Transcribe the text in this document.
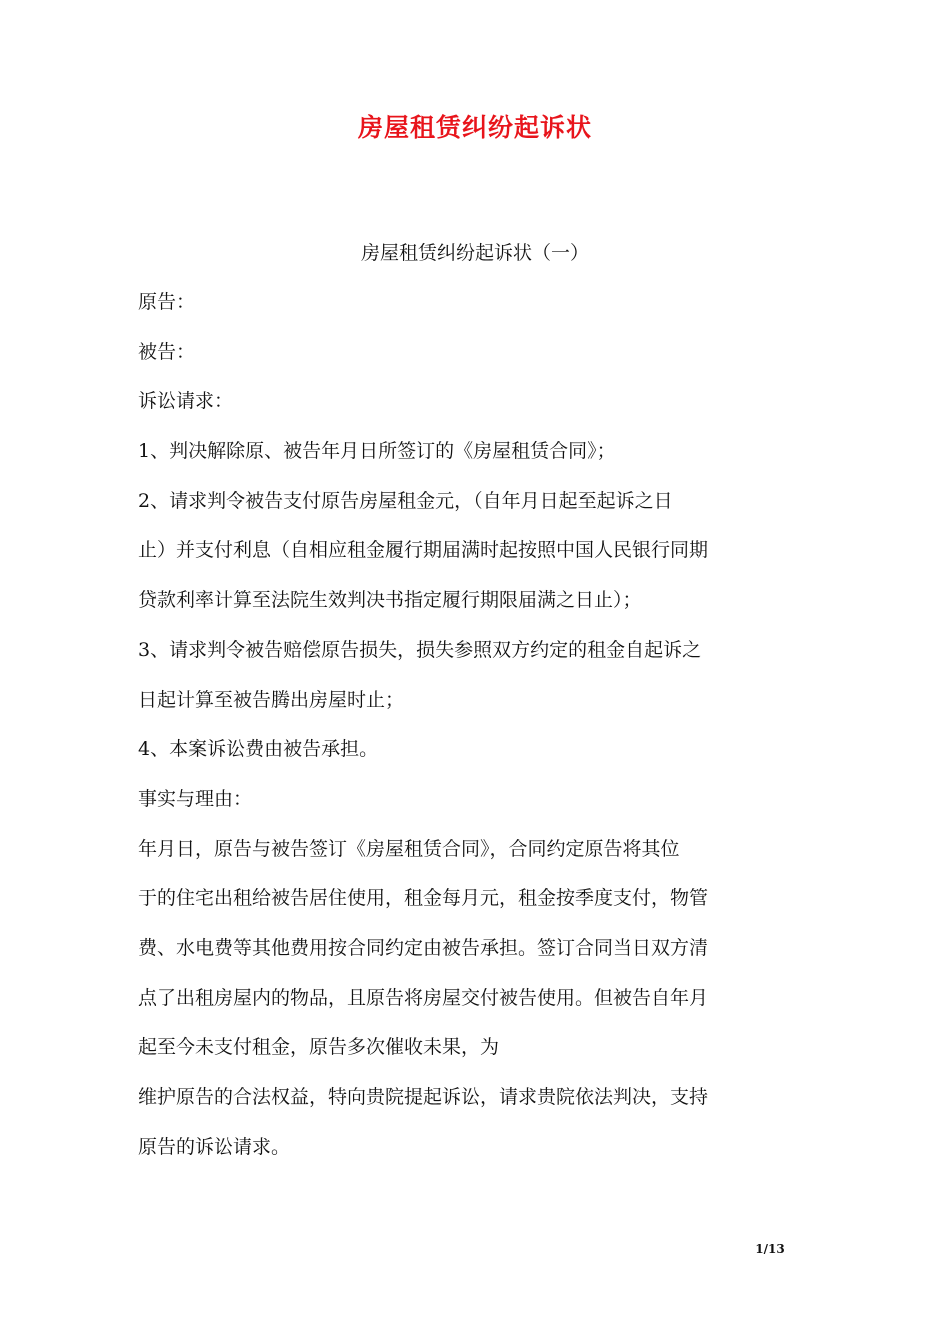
房屋租赁纠纷起诉状
房屋租赁纠纷起诉状（一）
原告：
被告：
诉讼请求：
1、判决解除原、被告年月日所签订的《房屋租赁合同》；
2、请求判令被告支付原告房屋租金元，（自年月日起至起诉之日
止）并支付利息（自相应租金履行期届满时起按照中国人民银行同期
贷款利率计算至法院生效判决书指定履行期限届满之日止）；
3、请求判令被告赔偿原告损失，损失参照双方约定的租金自起诉之
日起计算至被告腾出房屋时止；
4、本案诉讼费由被告承担。
事实与理由：
年月日，原告与被告签订《房屋租赁合同》，合同约定原告将其位
于的住宅出租给被告居住使用，租金每月元，租金按季度支付，物管
费、水电费等其他费用按合同约定由被告承担。签订合同当日双方清
点了出租房屋内的物品，且原告将房屋交付被告使用。但被告自年月
起至今未支付租金，原告多次催收未果，为
维护原告的合法权益，特向贵院提起诉讼，请求贵院依法判决，支持
原告的诉讼请求。
1/13
